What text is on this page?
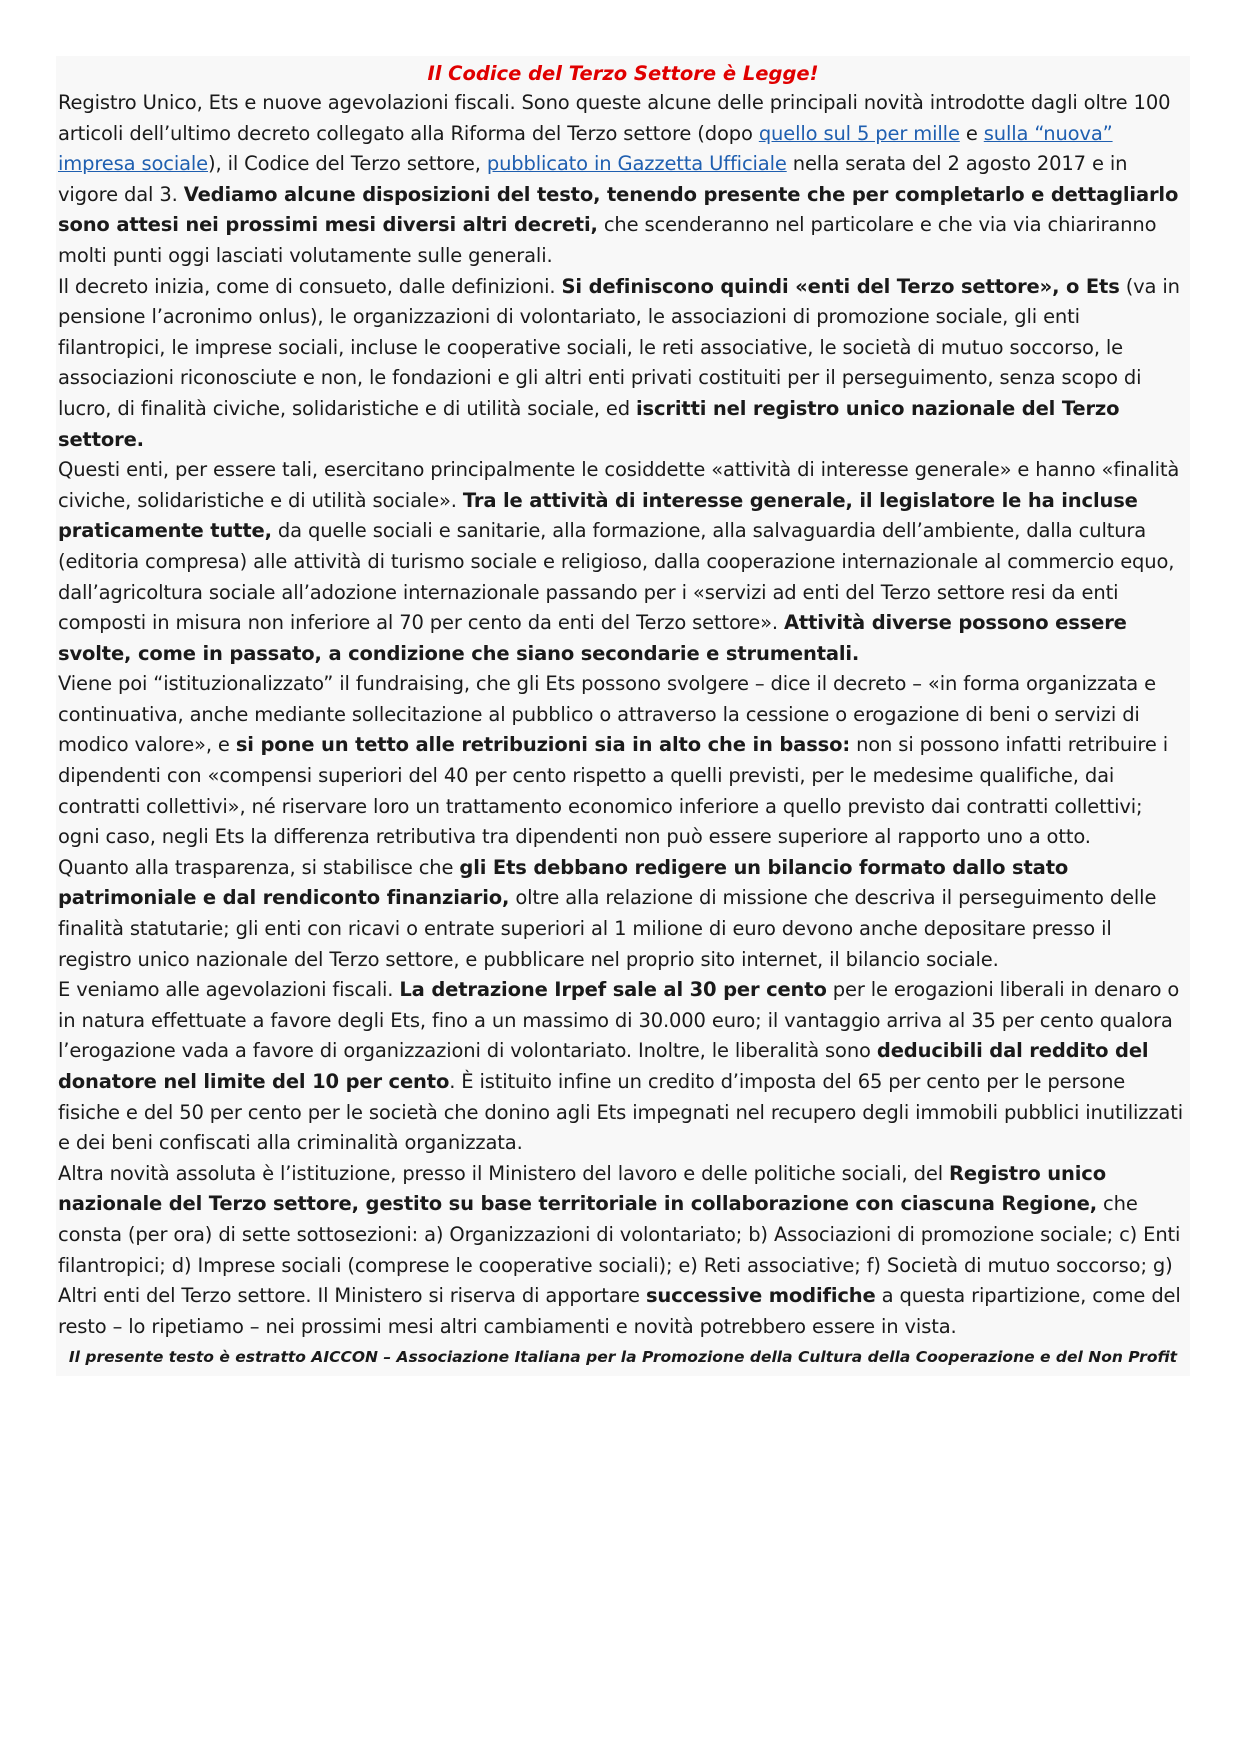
Il Codice del Terzo Settore è Legge!

Registro Unico, Ets e nuove agevolazioni fiscali. Sono queste alcune delle principali novità introdotte dagli oltre 100 articoli dell’ultimo decreto collegato alla Riforma del Terzo settore (dopo quello sul 5 per mille e sulla “nuova” impresa sociale), il Codice del Terzo settore, pubblicato in Gazzetta Ufficiale nella serata del 2 agosto 2017 e in vigore dal 3. Vediamo alcune disposizioni del testo, tenendo presente che per completarlo e dettagliarlo sono attesi nei prossimi mesi diversi altri decreti, che scenderanno nel particolare e che via via chiariranno molti punti oggi lasciati volutamente sulle generali.

Il decreto inizia, come di consueto, dalle definizioni. Si definiscono quindi «enti del Terzo settore», o Ets (va in pensione l’acronimo onlus), le organizzazioni di volontariato, le associazioni di promozione sociale, gli enti filantropici, le imprese sociali, incluse le cooperative sociali, le reti associative, le società di mutuo soccorso, le associazioni riconosciute e non, le fondazioni e gli altri enti privati costituiti per il perseguimento, senza scopo di lucro, di finalità civiche, solidaristiche e di utilità sociale, ed iscritti nel registro unico nazionale del Terzo settore.

Questi enti, per essere tali, esercitano principalmente le cosiddette «attività di interesse generale» e hanno «finalità civiche, solidaristiche e di utilità sociale». Tra le attività di interesse generale, il legislatore le ha incluse praticamente tutte, da quelle sociali e sanitarie, alla formazione, alla salvaguardia dell’ambiente, dalla cultura (editoria compresa) alle attività di turismo sociale e religioso, dalla cooperazione internazionale al commercio equo, dall’agricoltura sociale all’adozione internazionale passando per i «servizi ad enti del Terzo settore resi da enti composti in misura non inferiore al 70 per cento da enti del Terzo settore». Attività diverse possono essere svolte, come in passato, a condizione che siano secondarie e strumentali.

Viene poi “istituzionalizzato” il fundraising, che gli Ets possono svolgere – dice il decreto – «in forma organizzata e continuativa, anche mediante sollecitazione al pubblico o attraverso la cessione o erogazione di beni o servizi di modico valore», e si pone un tetto alle retribuzioni sia in alto che in basso: non si possono infatti retribuire i dipendenti con «compensi superiori del 40 per cento rispetto a quelli previsti, per le medesime qualifiche, dai contratti collettivi», né riservare loro un trattamento economico inferiore a quello previsto dai contratti collettivi; ogni caso, negli Ets la differenza retributiva tra dipendenti non può essere superiore al rapporto uno a otto.

Quanto alla trasparenza, si stabilisce che gli Ets debbano redigere un bilancio formato dallo stato patrimoniale e dal rendiconto finanziario, oltre alla relazione di missione che descriva il perseguimento delle finalità statutarie; gli enti con ricavi o entrate superiori al 1 milione di euro devono anche depositare presso il registro unico nazionale del Terzo settore, e pubblicare nel proprio sito internet, il bilancio sociale.

E veniamo alle agevolazioni fiscali. La detrazione Irpef sale al 30 per cento per le erogazioni liberali in denaro o in natura effettuate a favore degli Ets, fino a un massimo di 30.000 euro; il vantaggio arriva al 35 per cento qualora l’erogazione vada a favore di organizzazioni di volontariato. Inoltre, le liberalità sono deducibili dal reddito del donatore nel limite del 10 per cento. È istituito infine un credito d’imposta del 65 per cento per le persone fisiche e del 50 per cento per le società che donino agli Ets impegnati nel recupero degli immobili pubblici inutilizzati e dei beni confiscati alla criminalità organizzata.

Altra novità assoluta è l’istituzione, presso il Ministero del lavoro e delle politiche sociali, del Registro unico nazionale del Terzo settore, gestito su base territoriale in collaborazione con ciascuna Regione, che consta (per ora) di sette sottosezioni: a) Organizzazioni di volontariato; b) Associazioni di promozione sociale; c) Enti filantropici; d) Imprese sociali (comprese le cooperative sociali); e) Reti associative; f) Società di mutuo soccorso; g) Altri enti del Terzo settore. Il Ministero si riserva di apportare successive modifiche a questa ripartizione, come del resto – lo ripetiamo – nei prossimi mesi altri cambiamenti e novità potrebbero essere in vista.

Il presente testo è estratto AICCON – Associazione Italiana per la Promozione della Cultura della Cooperazione e del Non Profit
